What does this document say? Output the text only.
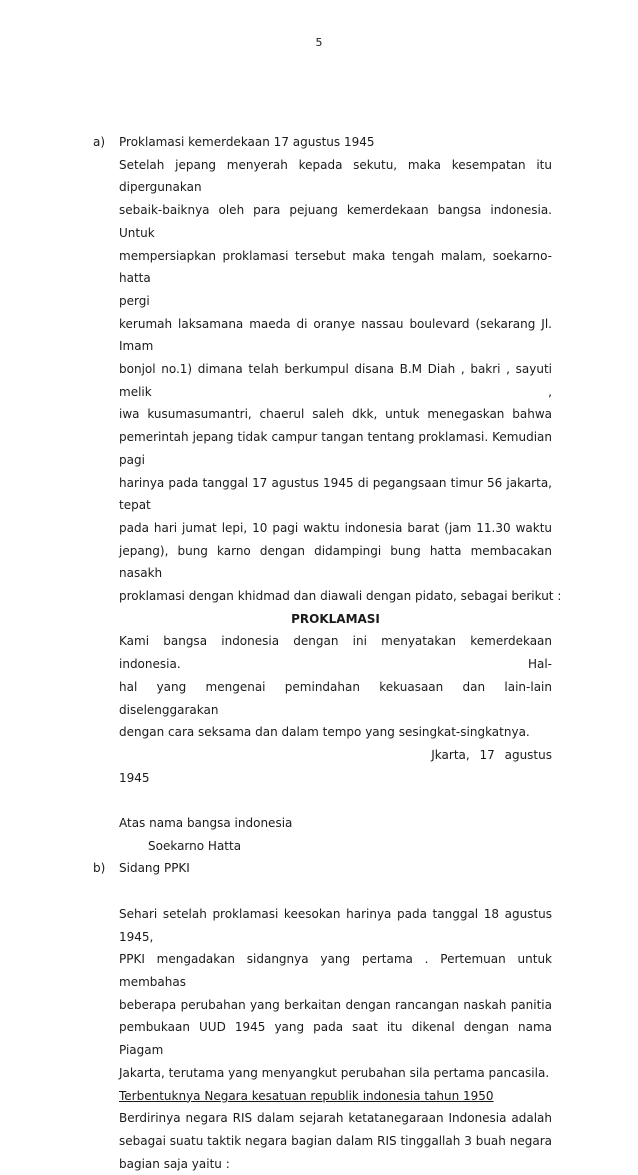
5
a) Proklamasi kemerdekaan 17 agustus 1945
Setelah jepang menyerah kepada sekutu, maka kesempatan itu dipergunakan
sebaik-baiknya oleh para pejuang kemerdekaan bangsa indonesia. Untuk
mempersiapkan proklamasi tersebut maka tengah malam, soekarno-hatta
pergi
kerumah laksamana maeda di oranye nassau boulevard (sekarang Jl. Imam
bonjol no.1) dimana telah berkumpul disana B.M Diah , bakri , sayuti melik ,
iwa kusumasumantri, chaerul saleh dkk, untuk menegaskan bahwa
pemerintah jepang tidak campur tangan tentang proklamasi. Kemudian pagi
harinya pada tanggal 17 agustus 1945 di pegangsaan timur 56 jakarta, tepat
pada hari jumat lepi, 10 pagi waktu indonesia barat (jam 11.30 waktu
jepang), bung karno dengan didampingi bung hatta membacakan nasakh
proklamasi dengan khidmad dan diawali dengan pidato, sebagai berikut :
PROKLAMASI
Kami bangsa indonesia dengan ini menyatakan kemerdekaan indonesia. Hal-
hal yang mengenai pemindahan kekuasaan dan lain-lain diselenggarakan
dengan cara seksama dan dalam tempo yang sesingkat-singkatnya.
Jkarta, 17 agustus
1945
Atas nama bangsa indonesia
Soekarno Hatta
b) Sidang PPKI
Sehari setelah proklamasi keesokan harinya pada tanggal 18 agustus 1945,
PPKI mengadakan sidangnya yang pertama . Pertemuan untuk membahas
beberapa perubahan yang berkaitan dengan rancangan naskah panitia
pembukaan UUD 1945 yang pada saat itu dikenal dengan nama Piagam
Jakarta, terutama yang menyangkut perubahan sila pertama pancasila.
Terbentuknya Negara kesatuan republik indonesia tahun 1950
Berdirinya negara RIS dalam sejarah ketatanegaraan Indonesia adalah
sebagai suatu taktik negara bagian dalam RIS tinggallah 3 buah negara
bagian saja yaitu :
